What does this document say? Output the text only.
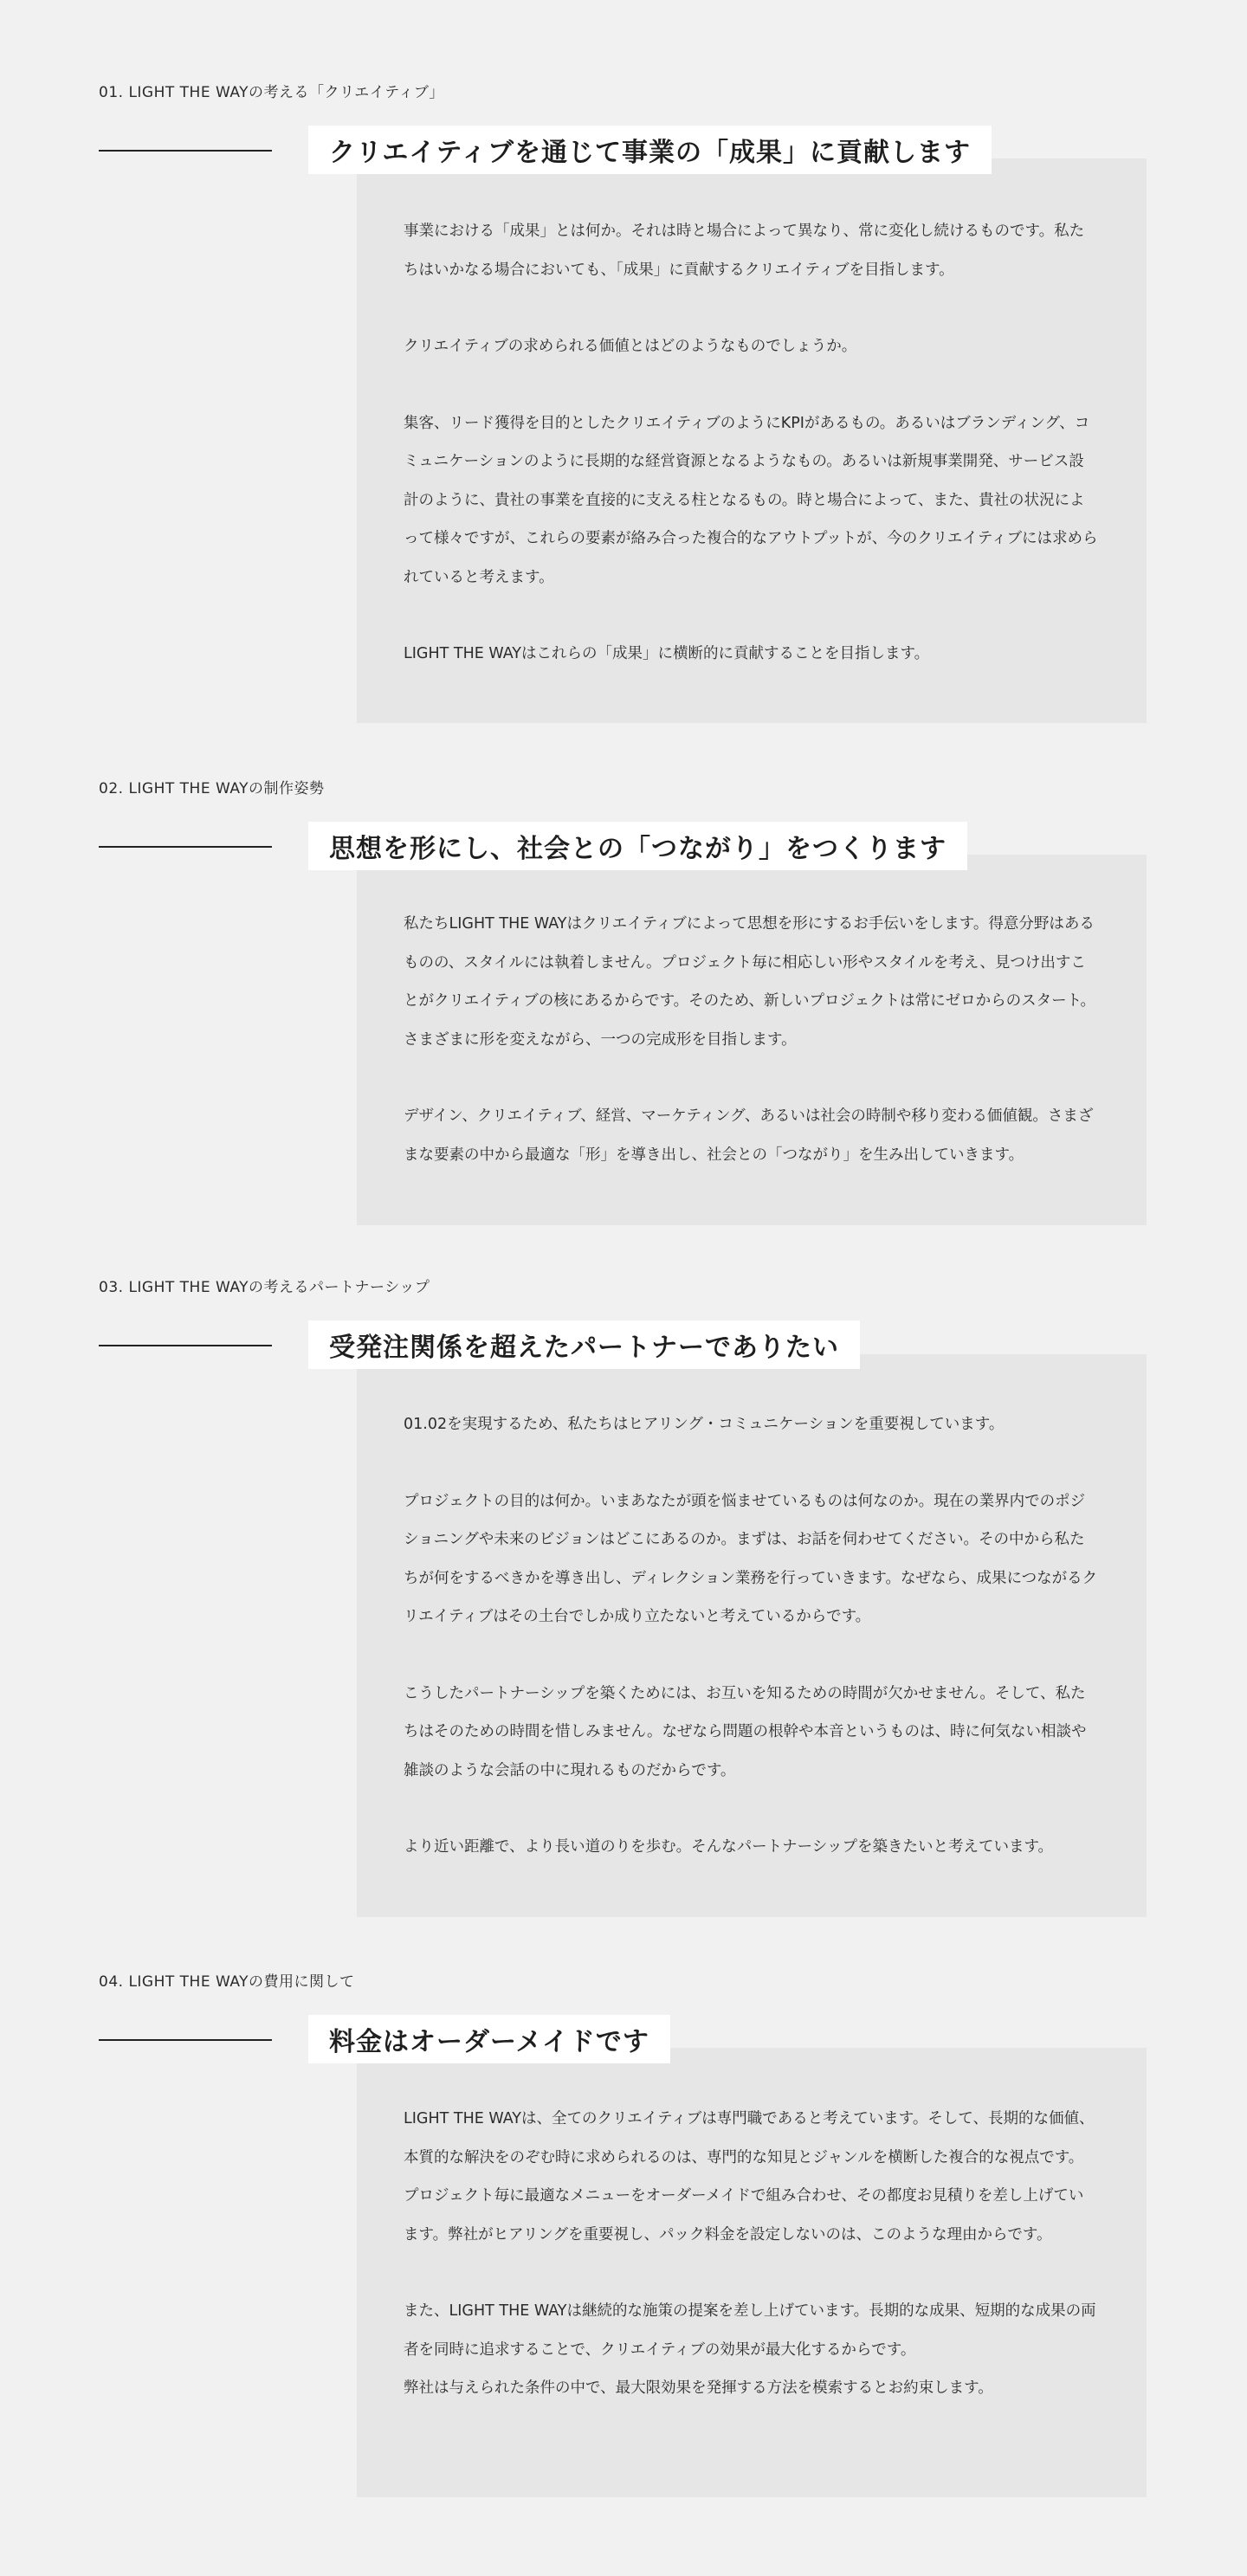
01. LIGHT THE WAYの考える「クリエイティブ」

事業における「成果」とは何か。それは時と場合によって異なり、常に変化し続けるものです。私たちはいかなる場合においても、「成果」に貢献するクリエイティブを目指します。

クリエイティブの求められる価値とはどのようなものでしょうか。

集客、リード獲得を目的としたクリエイティブのようにKPIがあるもの。あるいはブランディング、コミュニケーションのように長期的な経営資源となるようなもの。あるいは新規事業開発、サービス設計のように、貴社の事業を直接的に支える柱となるもの。時と場合によって、また、貴社の状況によって様々ですが、これらの要素が絡み合った複合的なアウトプットが、今のクリエイティブには求められていると考えます。

LIGHT THE WAYはこれらの「成果」に横断的に貢献することを目指します。

クリエイティブを通じて事業の「成果」に貢献します
02. LIGHT THE WAYの制作姿勢

私たちLIGHT THE WAYはクリエイティブによって思想を形にするお手伝いをします。得意分野はあるものの、スタイルには執着しません。プロジェクト毎に相応しい形やスタイルを考え、見つけ出すことがクリエイティブの核にあるからです。そのため、新しいプロジェクトは常にゼロからのスタート。さまざまに形を変えながら、一つの完成形を目指します。

デザイン、クリエイティブ、経営、マーケティング、あるいは社会の時制や移り変わる価値観。さまざまな要素の中から最適な「形」を導き出し、社会との「つながり」を生み出していきます。

思想を形にし、社会との「つながり」をつくります
03. LIGHT THE WAYの考えるパートナーシップ

01.02を実現するため、私たちはヒアリング・コミュニケーションを重要視しています。

プロジェクトの目的は何か。いまあなたが頭を悩ませているものは何なのか。現在の業界内でのポジショニングや未来のビジョンはどこにあるのか。まずは、お話を伺わせてください。その中から私たちが何をするべきかを導き出し、ディレクション業務を行っていきます。なぜなら、成果につながるクリエイティブはその土台でしか成り立たないと考えているからです。

こうしたパートナーシップを築くためには、お互いを知るための時間が欠かせません。そして、私たちはそのための時間を惜しみません。なぜなら問題の根幹や本音というものは、時に何気ない相談や雑談のような会話の中に現れるものだからです。

より近い距離で、より長い道のりを歩む。そんなパートナーシップを築きたいと考えています。

受発注関係を超えたパートナーでありたい
04. LIGHT THE WAYの費用に関して

LIGHT THE WAYは、全てのクリエイティブは専門職であると考えています。そして、長期的な価値、本質的な解決をのぞむ時に求められるのは、専門的な知見とジャンルを横断した複合的な視点です。プロジェクト毎に最適なメニューをオーダーメイドで組み合わせ、その都度お見積りを差し上げています。弊社がヒアリングを重要視し、パック料金を設定しないのは、このような理由からです。

また、LIGHT THE WAYは継続的な施策の提案を差し上げています。長期的な成果、短期的な成果の両者を同時に追求することで、クリエイティブの効果が最大化するからです。
弊社は与えられた条件の中で、最大限効果を発揮する方法を模索するとお約束します。

料金はオーダーメイドです
